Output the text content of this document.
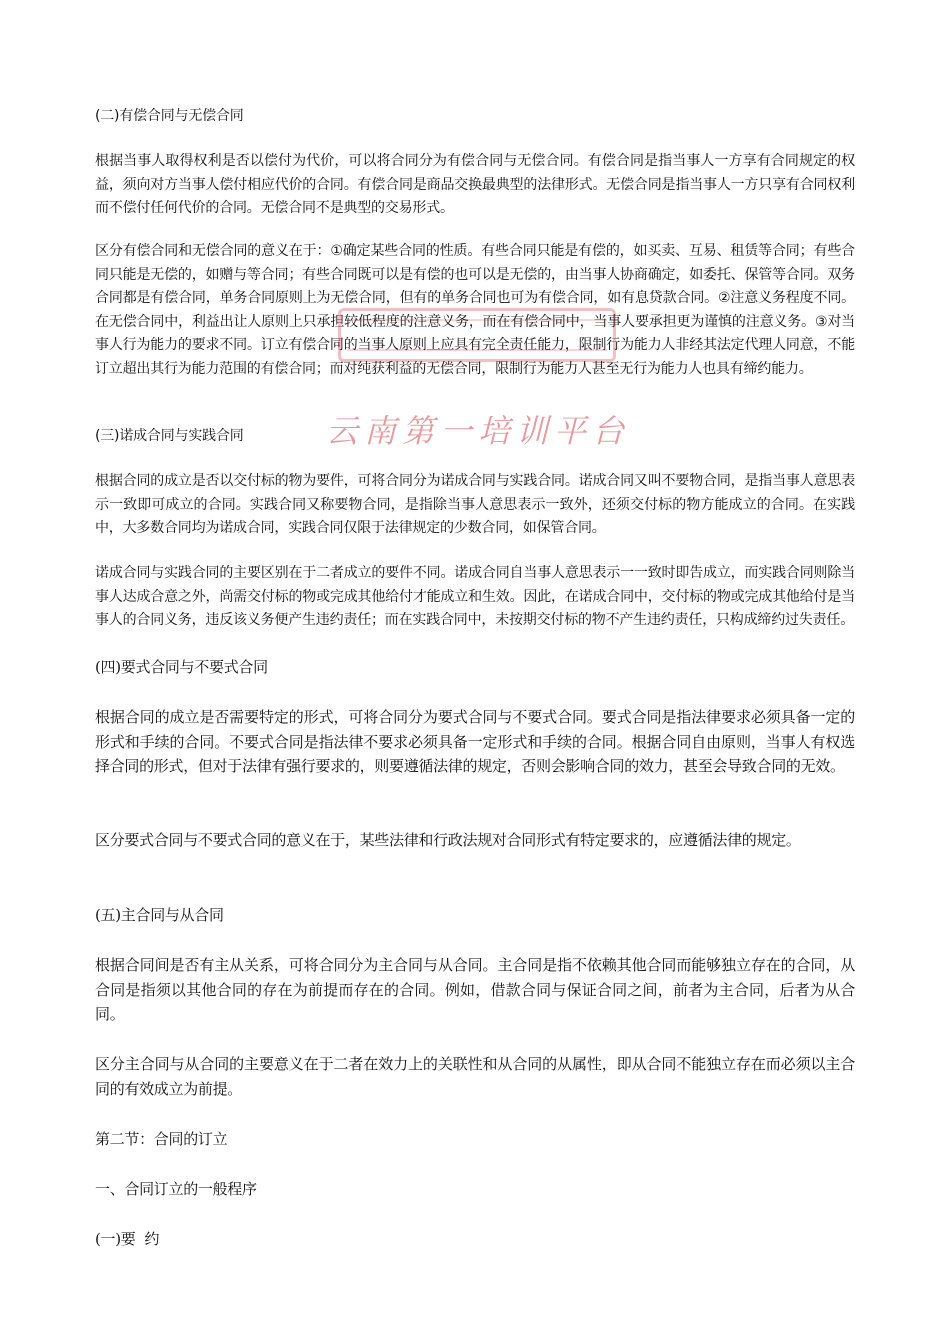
(二)有偿合同与无偿合同

根据当事人取得权利是否以偿付为代价，可以将合同分为有偿合同与无偿合同。有偿合同是指当事人一方享有合同规定的权益，须向对方当事人偿付相应代价的合同。有偿合同是商品交换最典型的法律形式。无偿合同是指当事人一方只享有合同权利而不偿付任何代价的合同。无偿合同不是典型的交易形式。

区分有偿合同和无偿合同的意义在于：①确定某些合同的性质。有些合同只能是有偿的，如买卖、互易、租赁等合同；有些合同只能是无偿的，如赠与等合同；有些合同既可以是有偿的也可以是无偿的，由当事人协商确定，如委托、保管等合同。双务合同都是有偿合同，单务合同原则上为无偿合同，但有的单务合同也可为有偿合同，如有息贷款合同。②注意义务程度不同。在无偿合同中，利益出让人原则上只承担较低程度的注意义务，而在有偿合同中，当事人要承担更为谨慎的注意义务。③对当事人行为能力的要求不同。订立有偿合同的当事人原则上应具有完全责任能力，限制行为能力人非经其法定代理人同意，不能订立超出其行为能力范围的有偿合同；而对纯获利益的无偿合同，限制行为能力人甚至无行为能力人也具有缔约能力。

(三)诺成合同与实践合同

根据合同的成立是否以交付标的物为要件，可将合同分为诺成合同与实践合同。诺成合同又叫不要物合同，是指当事人意思表示一致即可成立的合同。实践合同又称要物合同，是指除当事人意思表示一致外，还须交付标的物方能成立的合同。在实践中，大多数合同均为诺成合同，实践合同仅限于法律规定的少数合同，如保管合同。

诺成合同与实践合同的主要区别在于二者成立的要件不同。诺成合同自当事人意思表示一一致时即告成立，而实践合同则除当事人达成合意之外，尚需交付标的物或完成其他给付才能成立和生效。因此，在诺成合同中，交付标的物或完成其他给付是当事人的合同义务，违反该义务便产生违约责任；而在实践合同中，未按期交付标的物不产生违约责任，只构成缔约过失责任。

(四)要式合同与不要式合同

根据合同的成立是否需要特定的形式，可将合同分为要式合同与不要式合同。要式合同是指法律要求必须具备一定的形式和手续的合同。不要式合同是指法律不要求必须具备一定形式和手续的合同。根据合同自由原则，当事人有权选择合同的形式，但对于法律有强行要求的，则要遵循法律的规定，否则会影响合同的效力，甚至会导致合同的无效。

区分要式合同与不要式合同的意义在于，某些法律和行政法规对合同形式有特定要求的，应遵循法律的规定。

(五)主合同与从合同

根据合同间是否有主从关系，可将合同分为主合同与从合同。主合同是指不依赖其他合同而能够独立存在的合同，从合同是指须以其他合同的存在为前提而存在的合同。例如，借款合同与保证合同之间，前者为主合同，后者为从合同。

区分主合同与从合同的主要意义在于二者在效力上的关联性和从合同的从属性，即从合同不能独立存在而必须以主合同的有效成立为前提。

第二节：合同的订立

一、合同订立的一般程序

(一)要  约

云南第一培训平台
